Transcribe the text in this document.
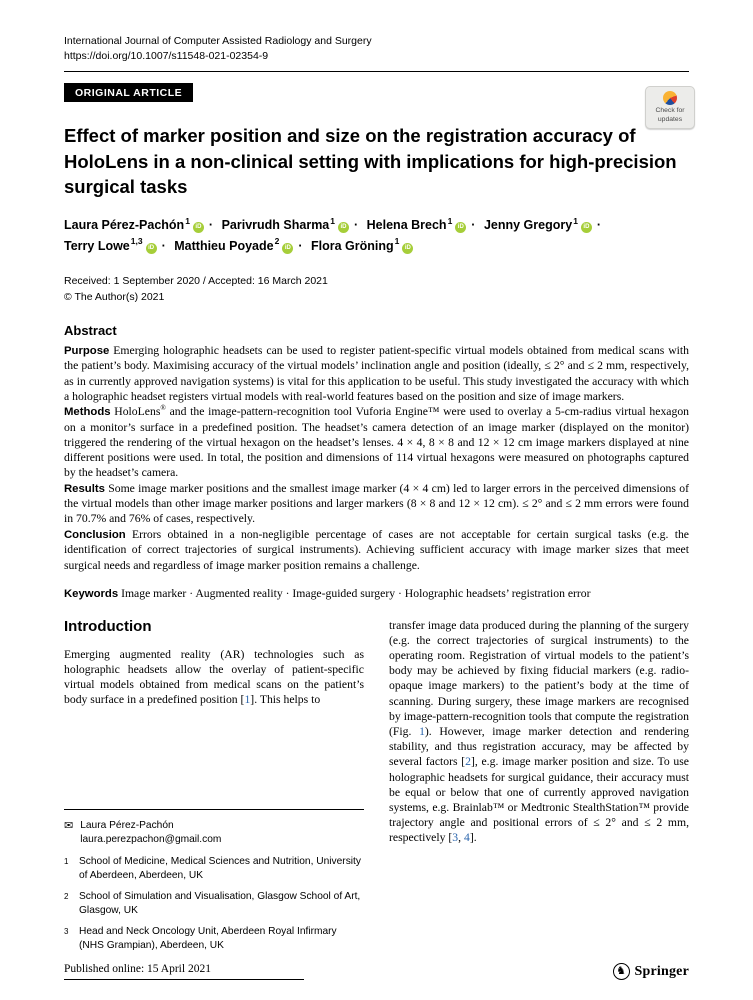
International Journal of Computer Assisted Radiology and Surgery
https://doi.org/10.1007/s11548-021-02354-9
ORIGINAL ARTICLE
Check for
updates
Effect of marker position and size on the registration accuracy of HoloLens in a non-clinical setting with implications for high-precision surgical tasks
Laura Pérez-Pachón$^1$iD · Parivrudh Sharma$^1$iD · Helena Brech$^1$iD · Jenny Gregory$^1$iD · Terry Lowe$^{1,3}$iD · Matthieu Poyade$^2$iD · Flora Gröning$^1$iD
Received: 1 September 2020 / Accepted: 16 March 2021
© The Author(s) 2021
Abstract

Purpose Emerging holographic headsets can be used to register patient-specific virtual models obtained from medical scans with the patient’s body. Maximising accuracy of the virtual models’ inclination angle and position (ideally, ≤ 2° and ≤ 2 mm, respectively, as in currently approved navigation systems) is vital for this application to be useful. This study investigated the accuracy with which a holographic headset registers virtual models with real-world features based on the position and size of image markers.

Methods HoloLens® and the image-pattern-recognition tool Vuforia Engine™ were used to overlay a 5-cm-radius virtual hexagon on a monitor’s surface in a predefined position. The headset’s camera detection of an image marker (displayed on the monitor) triggered the rendering of the virtual hexagon on the headset’s lenses. 4 × 4, 8 × 8 and 12 × 12 cm image markers displayed at nine different positions were used. In total, the position and dimensions of 114 virtual hexagons were measured on photographs captured by the headset’s camera.

Results Some image marker positions and the smallest image marker (4 × 4 cm) led to larger errors in the perceived dimensions of the virtual models than other image marker positions and larger markers (8 × 8 and 12 × 12 cm). ≤ 2° and ≤ 2 mm errors were found in 70.7% and 76% of cases, respectively.

Conclusion Errors obtained in a non-negligible percentage of cases are not acceptable for certain surgical tasks (e.g. the identification of correct trajectories of surgical instruments). Achieving sufficient accuracy with image marker sizes that meet surgical needs and regardless of image marker position remains a challenge.

Keywords Image marker · Augmented reality · Image-guided surgery · Holographic headsets’ registration error

Introduction

Emerging augmented reality (AR) technologies such as holographic headsets allow the overlay of patient-specific virtual models obtained from medical scans on the patient’s body surface in a predefined position [1]. This helps to

✉ Laura Pérez-Pachón
laura.perezpachon@gmail.com
1	School of Medicine, Medical Sciences and Nutrition, University of Aberdeen, Aberdeen, UK
2	School of Simulation and Visualisation, Glasgow School of Art, Glasgow, UK
3	Head and Neck Oncology Unit, Aberdeen Royal Infirmary (NHS Grampian), Aberdeen, UK

transfer image data produced during the planning of the surgery (e.g. the correct trajectories of surgical instruments) to the operating room. Registration of virtual models to the patient’s body may be achieved by fixing fiducial markers (e.g. radio-opaque image markers) to the patient’s body at the time of scanning. During surgery, these image markers are recognised by image-pattern-recognition tools that compute the registration (Fig. 1). However, image marker detection and rendering stability, and thus registration accuracy, may be affected by several factors [2], e.g. image marker position and size. To use holographic headsets for surgical guidance, their accuracy must be equal or below that one of currently approved navigation systems, e.g. Brainlab™ or Medtronic StealthStation™ provide trajectory angle and positional errors of ≤ 2° and ≤ 2 mm, respectively [3, 4].

Published online: 15 April 2021	♞ Springer
